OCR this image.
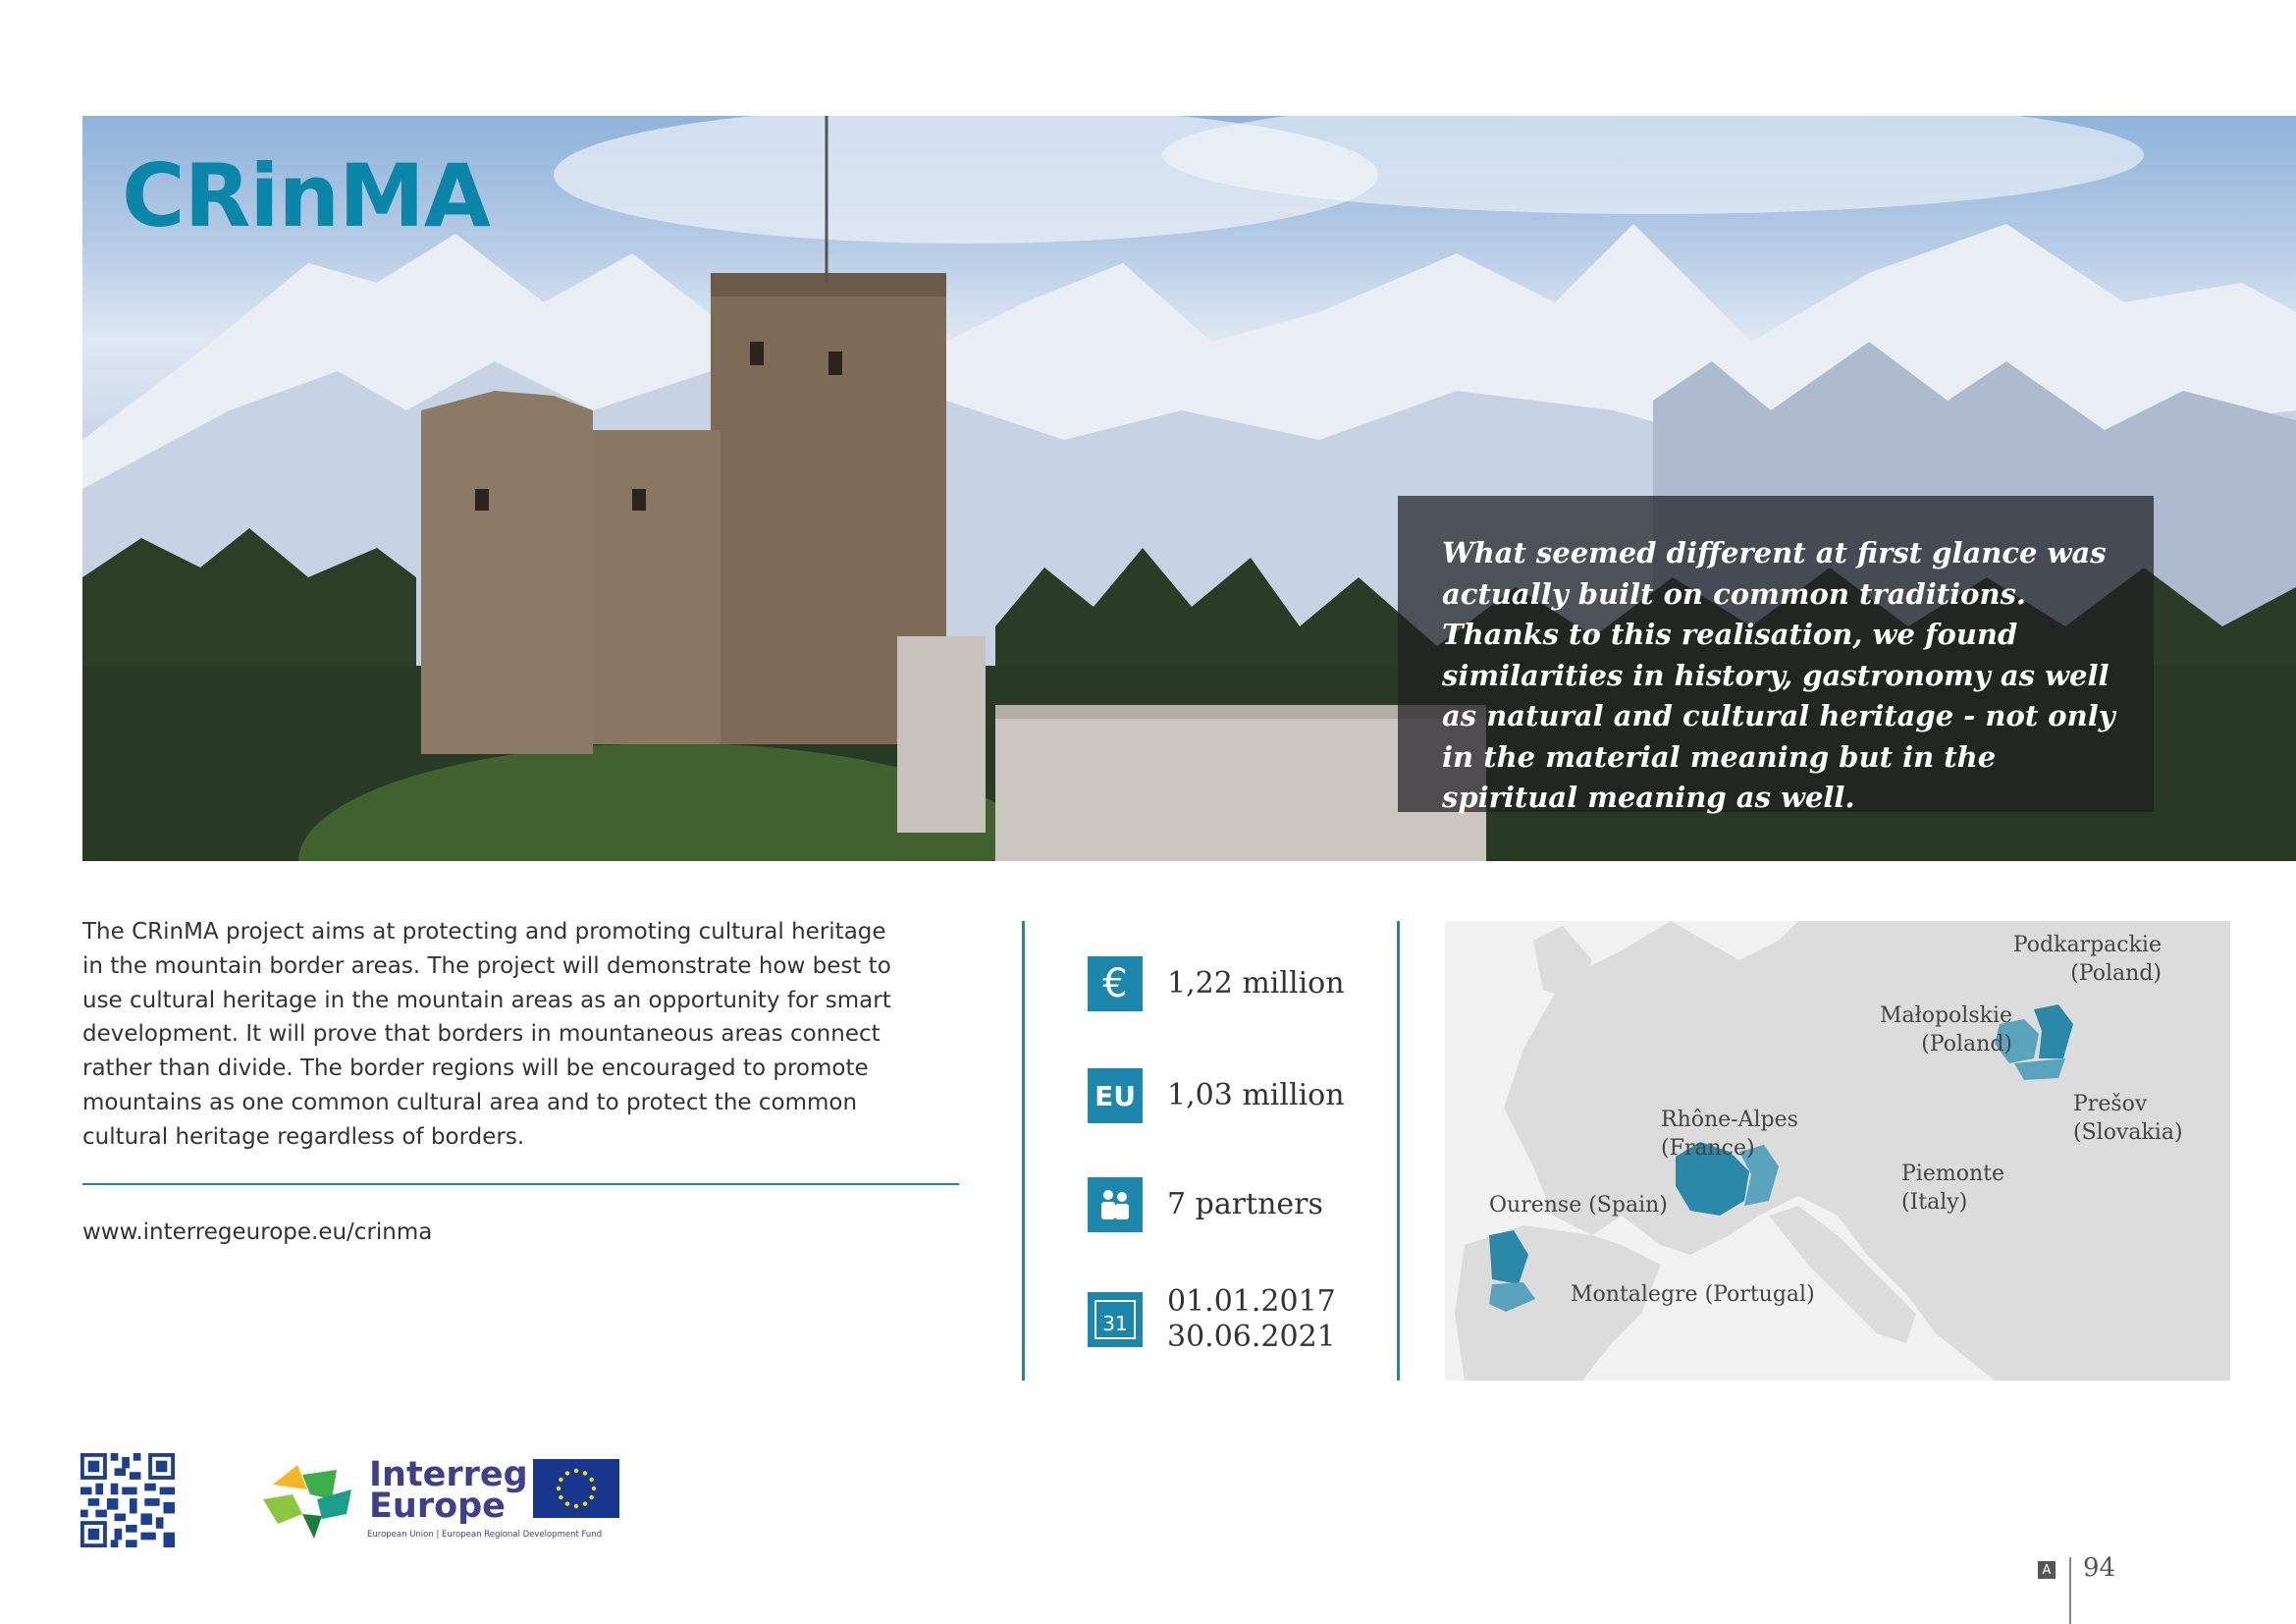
CRinMA

What seemed different at first glance was actually built on common traditions. Thanks to this realisation, we found similarities in history, gastronomy as well as natural and cultural heritage - not only in the material meaning but in the spiritual meaning as well.

The CRinMA project aims at protecting and promoting cultural heritage in the mountain border areas. The project will demonstrate how best to use cultural heritage in the mountain areas as an opportunity for smart development. It will prove that borders in mountaneous areas connect rather than divide. The border regions will be encouraged to promote mountains as one common cultural area and to protect the common cultural heritage regardless of borders.

www.interregeurope.eu/crinma
€ 1,22 million
EU 1,03 million
7 partners
31
01.01.2017
30.06.2021
Podkarpackie
(Poland)
Małopolskie
(Poland)
Prešov
(Slovakia)
Rhône-Alpes
(France)
Piemonte
(Italy)
Ourense (Spain)
Montalegre (Portugal)
Interreg
Europe
European Union | European Regional Development Fund
A 94
